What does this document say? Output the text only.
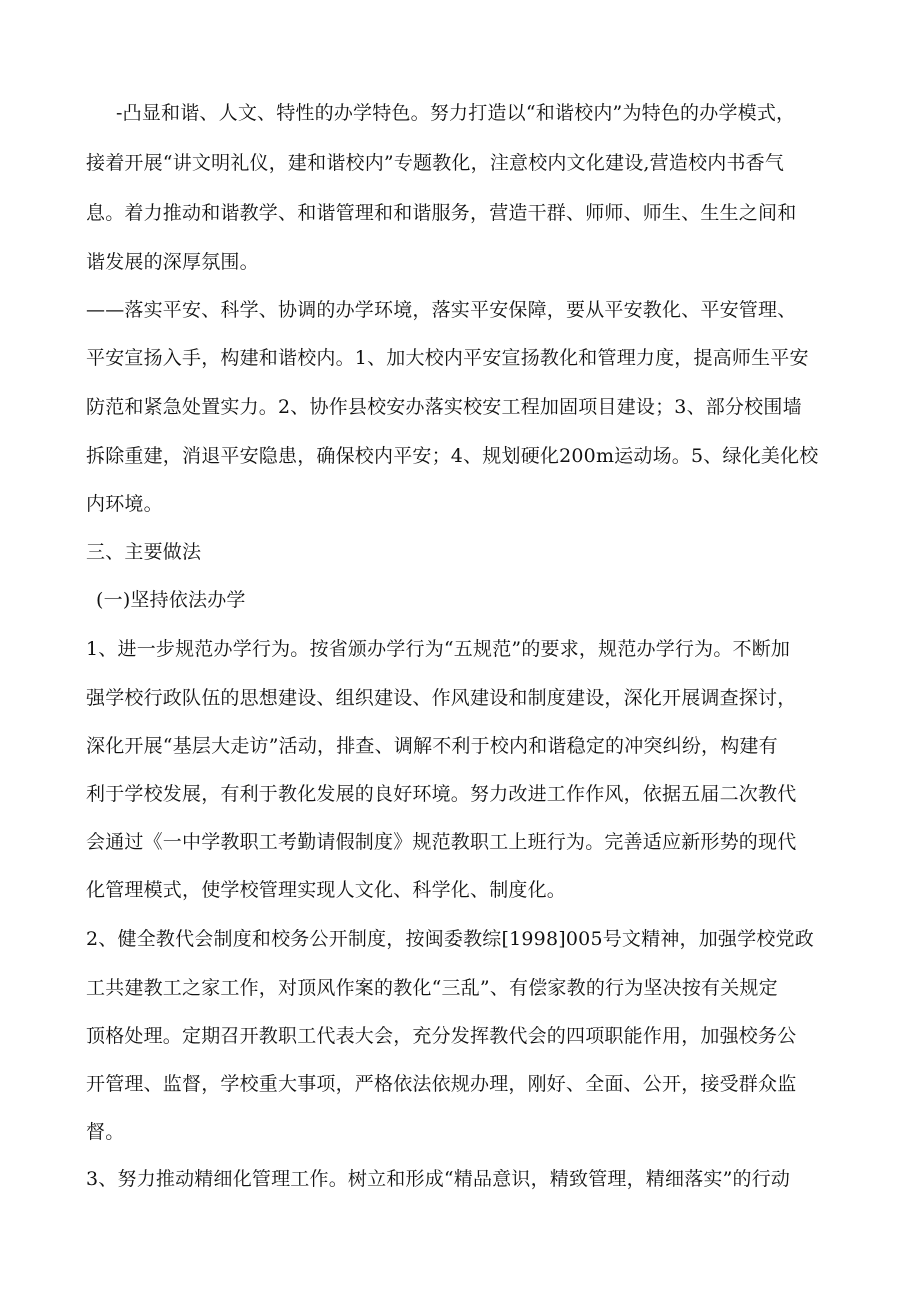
-凸显和谐、人文、特性的办学特色。努力打造以“和谐校内”为特色的办学模式，
接着开展“讲文明礼仪，建和谐校内”专题教化，注意校内文化建设,营造校内书香气
息。着力推动和谐教学、和谐管理和和谐服务，营造干群、师师、师生、生生之间和
谐发展的深厚氛围。
——落实平安、科学、协调的办学环境，落实平安保障，要从平安教化、平安管理、
平安宣扬入手，构建和谐校内。1、加大校内平安宣扬教化和管理力度，提高师生平安
防范和紧急处置实力。2、协作县校安办落实校安工程加固项目建设；3、部分校围墙
拆除重建，消退平安隐患，确保校内平安；4、规划硬化200m运动场。5、绿化美化校
内环境。
三、主要做法
(一)坚持依法办学
1、进一步规范办学行为。按省颁办学行为“五规范”的要求，规范办学行为。不断加
强学校行政队伍的思想建设、组织建设、作风建设和制度建设，深化开展调查探讨，
深化开展“基层大走访”活动，排查、调解不利于校内和谐稳定的冲突纠纷，构建有
利于学校发展，有利于教化发展的良好环境。努力改进工作作风，依据五届二次教代
会通过《一中学教职工考勤请假制度》规范教职工上班行为。完善适应新形势的现代
化管理模式，使学校管理实现人文化、科学化、制度化。
2、健全教代会制度和校务公开制度，按闽委教综[1998]005号文精神，加强学校党政
工共建教工之家工作，对顶风作案的教化“三乱”、有偿家教的行为坚决按有关规定
顶格处理。定期召开教职工代表大会，充分发挥教代会的四项职能作用，加强校务公
开管理、监督，学校重大事项，严格依法依规办理，刚好、全面、公开，接受群众监
督。
3、努力推动精细化管理工作。树立和形成“精品意识，精致管理，精细落实”的行动
